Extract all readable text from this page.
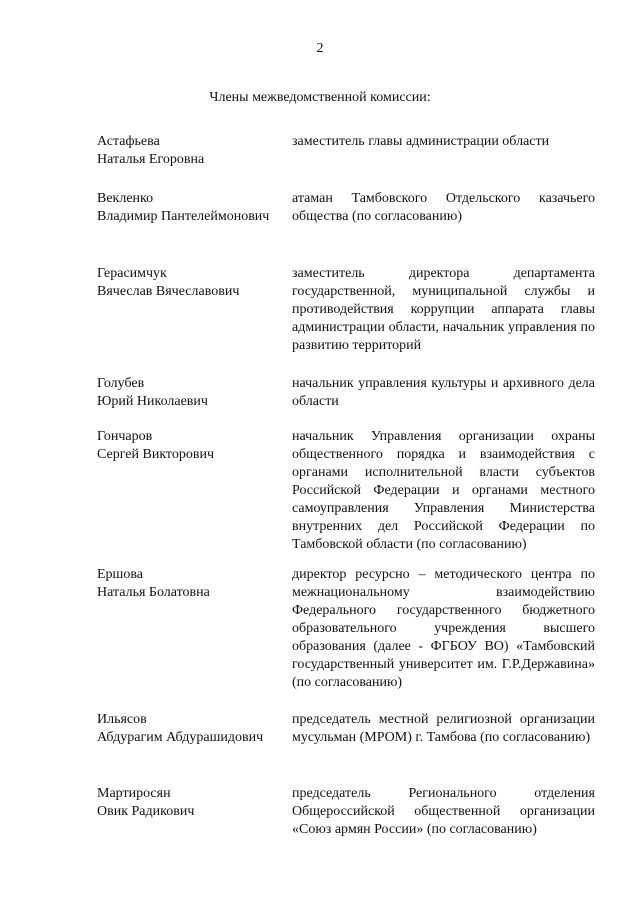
2
Члены межведомственной комиссии:
Астафьева
Наталья Егоровна
заместитель главы администрации области
Векленко
Владимир Пантелеймонович
атаман Тамбовского Отдельского казачьего общества (по согласованию)
Герасимчук
Вячеслав Вячеславович
заместитель директора департамента государственной, муниципальной службы и противодействия коррупции аппарата главы администрации области, начальник управления по развитию территорий
Голубев
Юрий Николаевич
начальник управления культуры и архивного дела области
Гончаров
Сергей Викторович
начальник Управления организации охраны общественного порядка и взаимодействия с органами исполнительной власти субъектов Российской Федерации и органами местного самоуправления Управления Министерства внутренних дел Российской Федерации по Тамбовской области (по согласованию)
Ершова
Наталья Болатовна
директор ресурсно – методического центра по межнациональному взаимодействию Федерального государственного бюджетного образовательного учреждения высшего образования (далее - ФГБОУ ВО) «Тамбовский государственный университет им. Г.Р.Державина» (по согласованию)
Ильясов
Абдурагим Абдурашидович
председатель местной религиозной организации мусульман (МРОМ) г. Тамбова (по согласованию)
Мартиросян
Овик Радикович
председатель Регионального отделения Общероссийской общественной организации «Союз армян России» (по согласованию)
